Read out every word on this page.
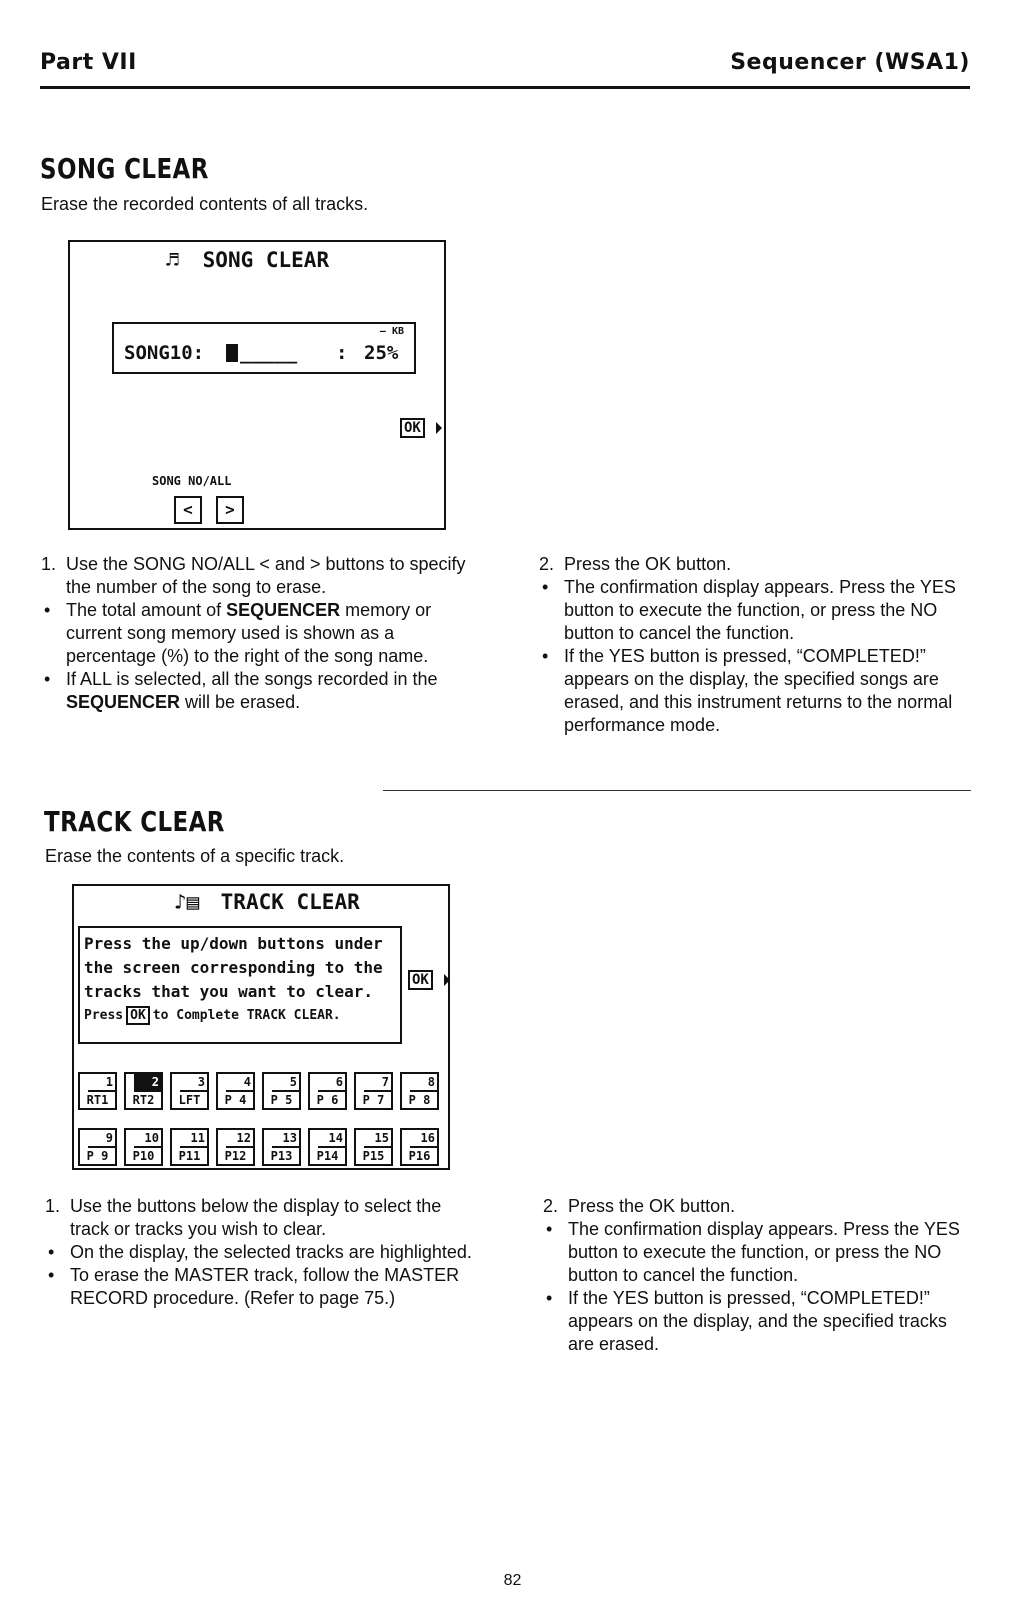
Part VII	Sequencer (WSA1)
SONG CLEAR
Erase the recorded contents of all tracks.
♬ SONG CLEAR
— KB
SONG10: _____ : 25%
OK
SONG NO/ALL
<	>
1. Use the SONG NO/ALL < and > buttons to specify the number of the song to erase.
• The total amount of SEQUENCER memory or current song memory used is shown as a percentage (%) to the right of the song name.
• If ALL is selected, all the songs recorded in the SEQUENCER will be erased.
2. Press the OK button.
• The confirmation display appears. Press the YES button to execute the function, or press the NO button to cancel the function.
• If the YES button is pressed, “COMPLETED!” appears on the display, the specified songs are erased, and this instrument returns to the normal performance mode.
TRACK CLEAR
Erase the contents of a specific track.
♪▤ TRACK CLEAR
Press the up/down buttons under
the screen corresponding to the
tracks that you want to clear.
Press OK to Complete TRACK CLEAR.
OK
1
RT1
2
RT2
3
LFT
4
P 4
5
P 5
6
P 6
7
P 7
8
P 8
9
P 9
10
P10
11
P11
12
P12
13
P13
14
P14
15
P15
16
P16
1. Use the buttons below the display to select the track or tracks you wish to clear.
• On the display, the selected tracks are highlighted.
• To erase the MASTER track, follow the MASTER RECORD procedure. (Refer to page 75.)
2. Press the OK button.
• The confirmation display appears. Press the YES button to execute the function, or press the NO button to cancel the function.
• If the YES button is pressed, “COMPLETED!” appears on the display, and the specified tracks are erased.
82
